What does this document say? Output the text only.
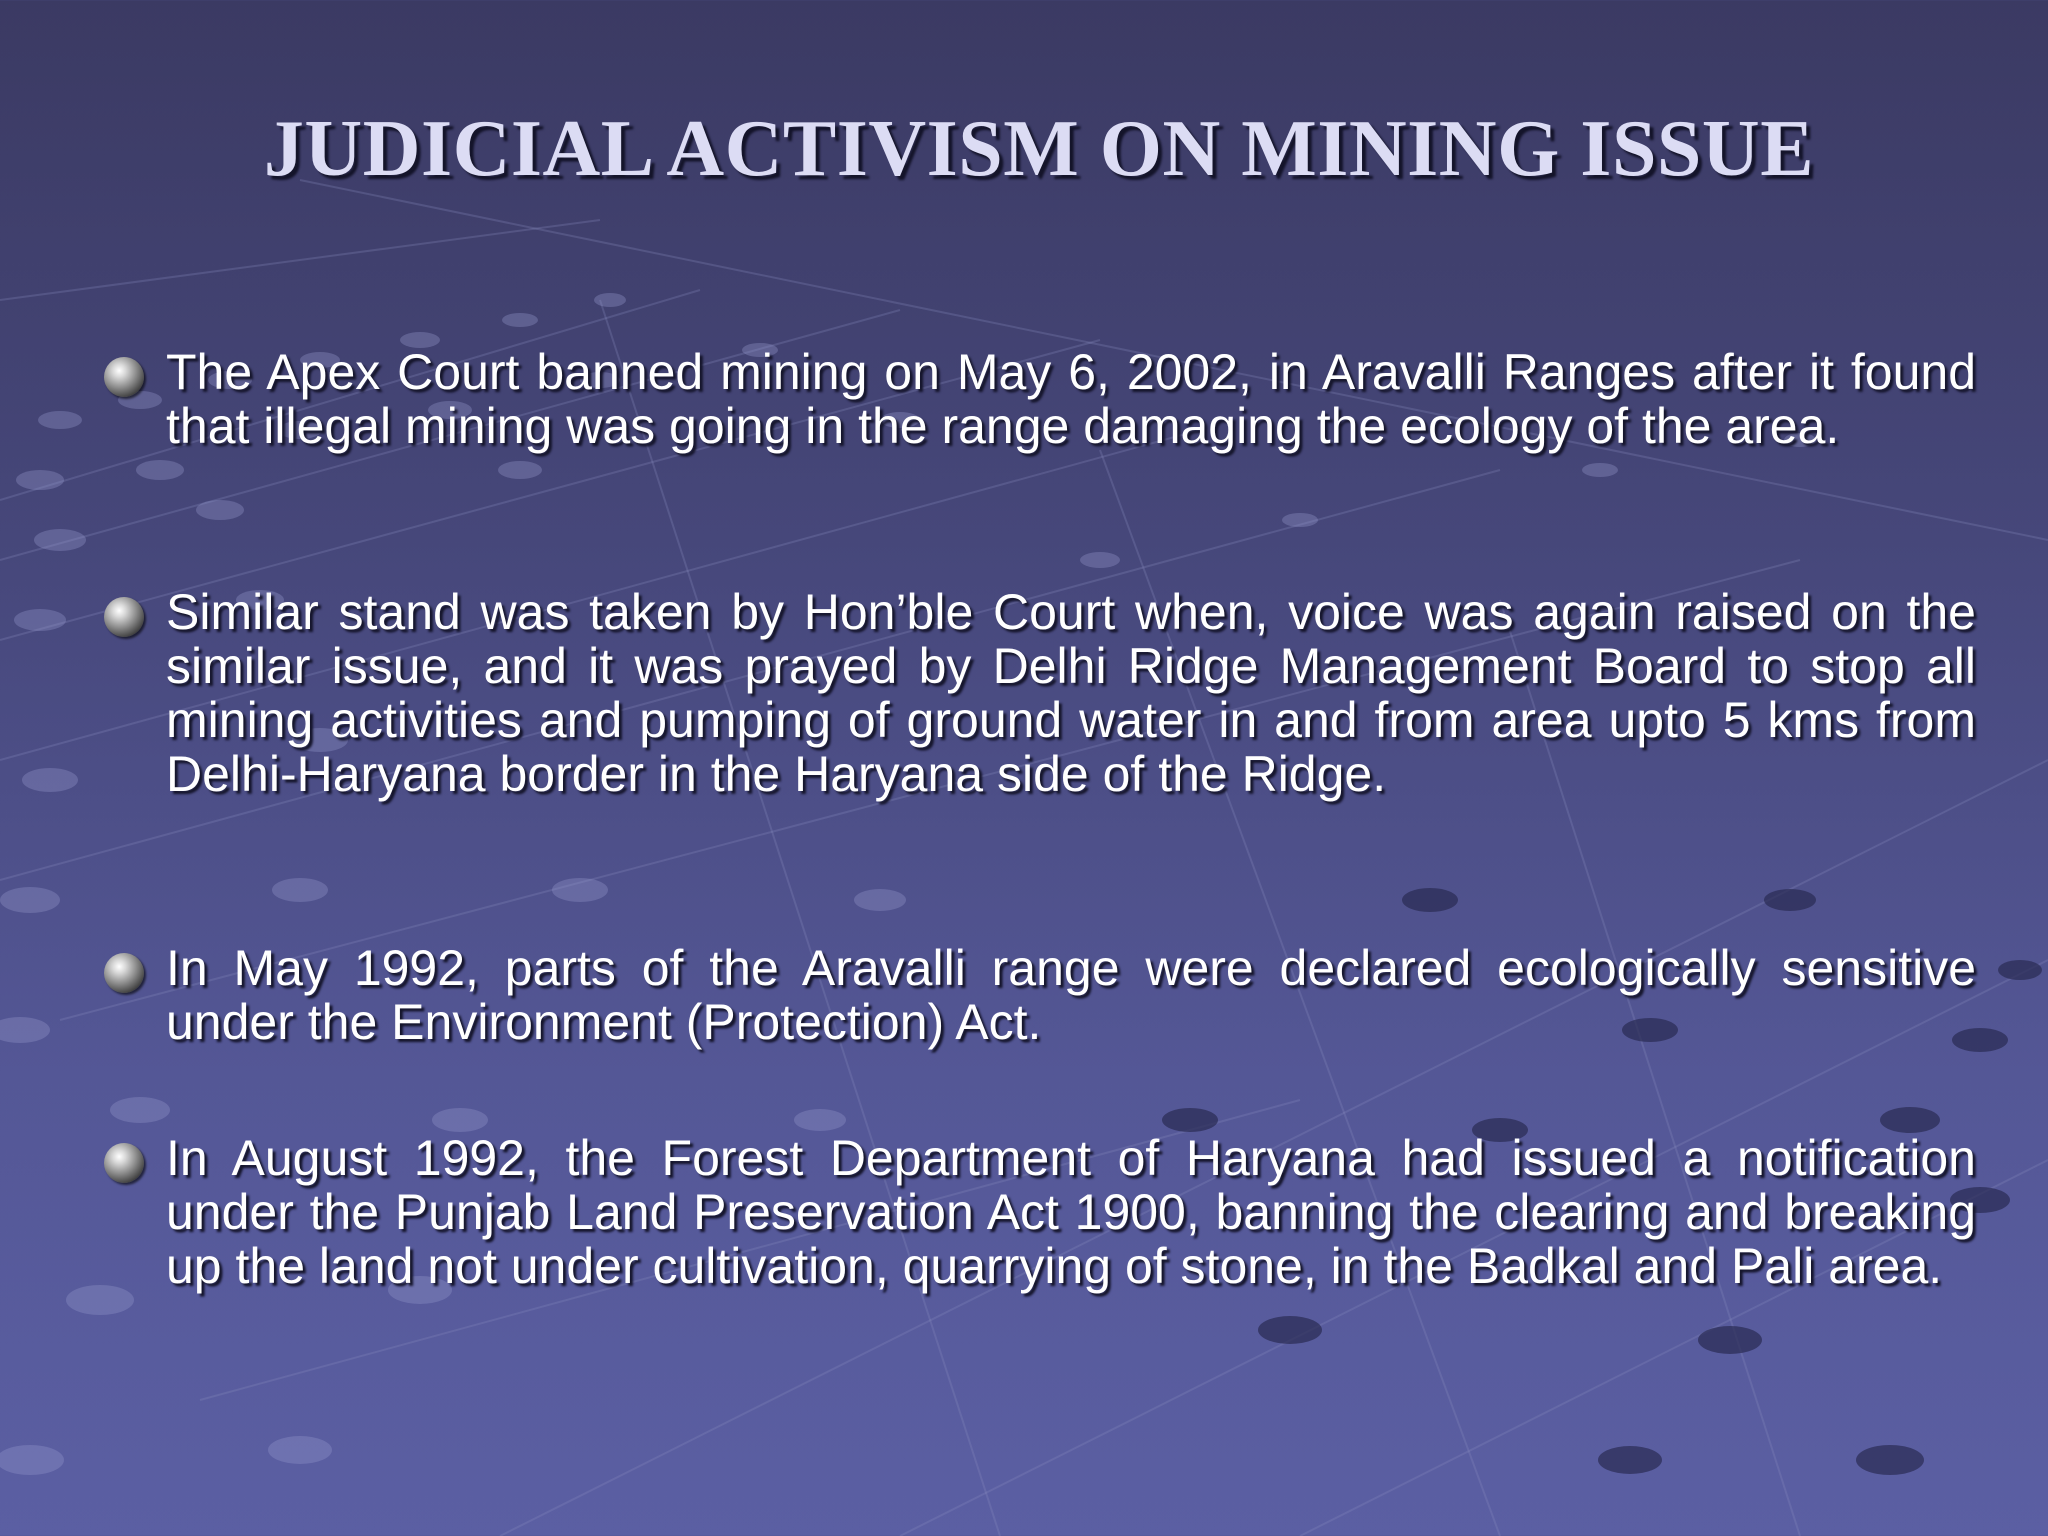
JUDICIAL ACTIVISM ON MINING ISSUE
The Apex Court banned mining on May 6, 2002, in Aravalli Ranges after it found that illegal mining was going in the range damaging the ecology of the area.
Similar stand was taken by Hon’ble Court when, voice was again raised on the similar issue, and it was prayed by Delhi Ridge Management Board to stop all mining activities and pumping of ground water in and from area upto 5 kms from Delhi-Haryana border in the Haryana side of the Ridge.
In May 1992, parts of the Aravalli range were declared ecologically sensitive under the Environment (Protection) Act.
In August 1992, the Forest Department of Haryana had issued a notification under the Punjab Land Preservation Act 1900, banning the clearing and breaking up the land not under cultivation, quarrying of stone, in the Badkal and Pali area.
